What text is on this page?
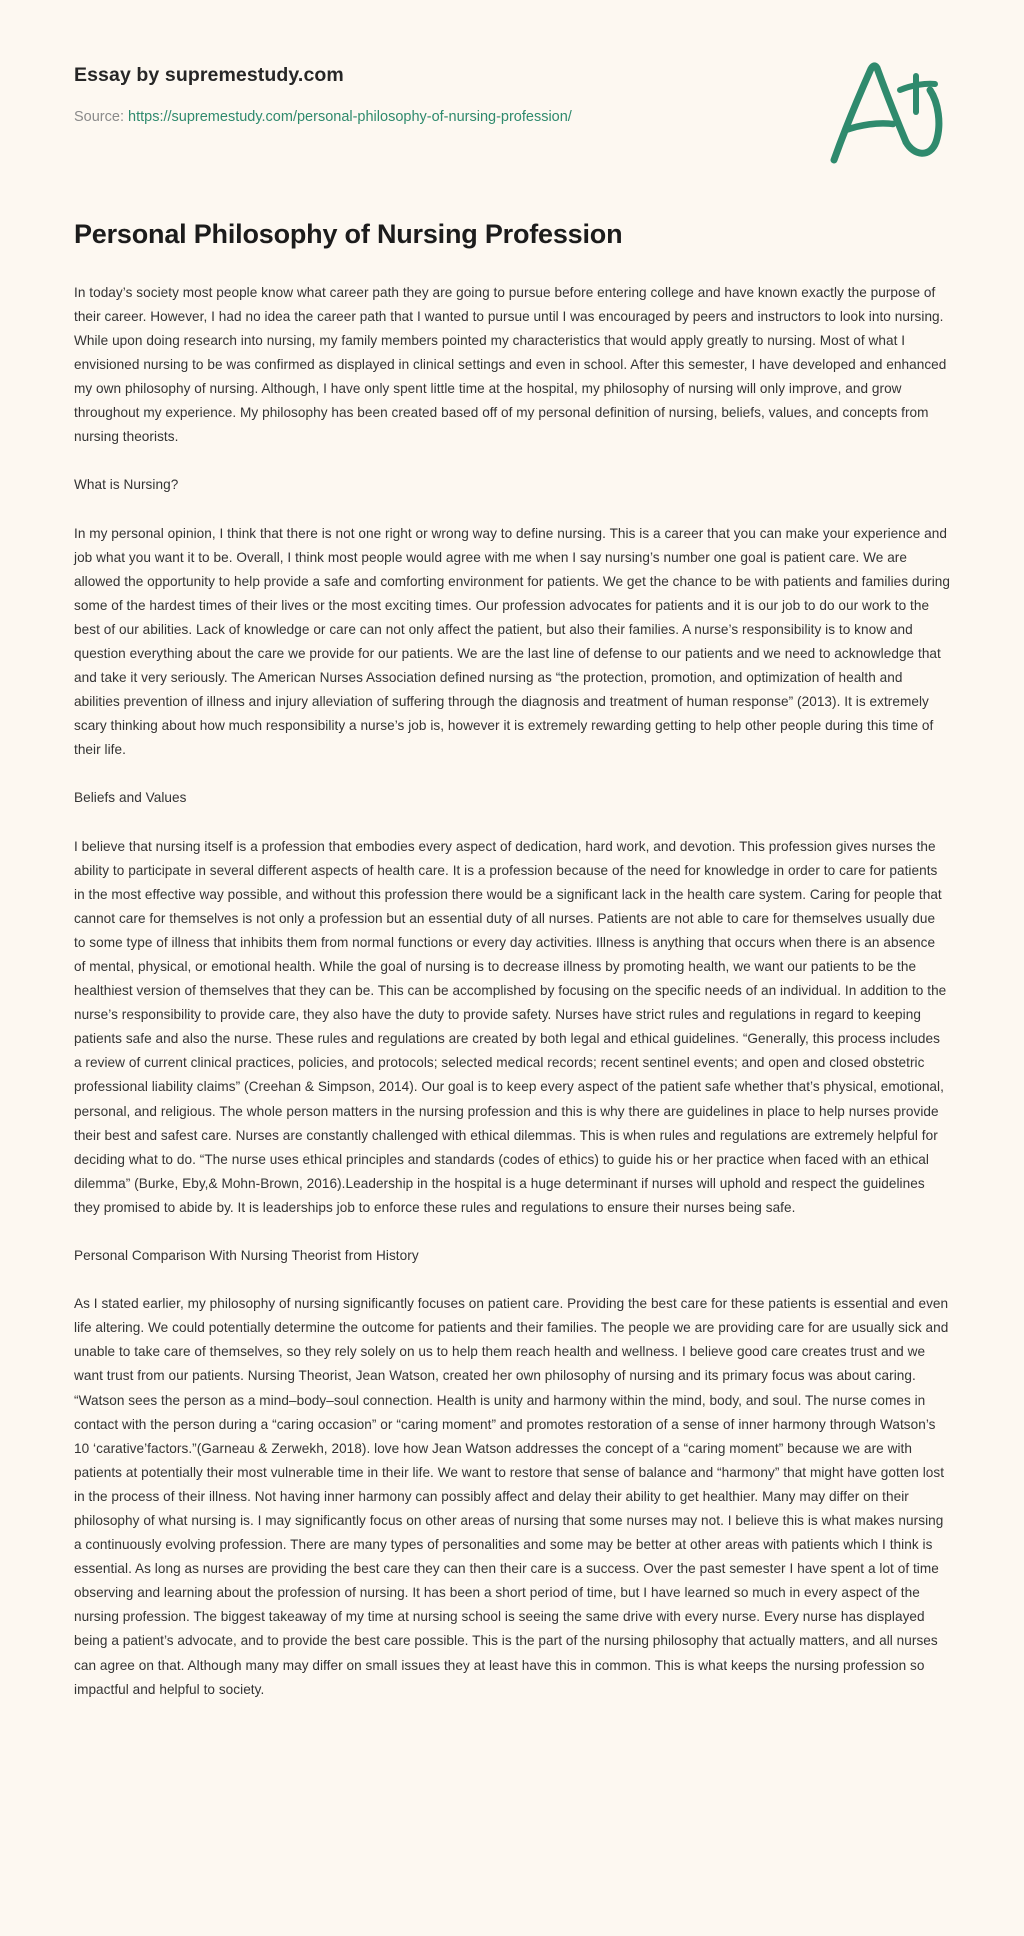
Essay by supremestudy.com
Source: https://supremestudy.com/personal-philosophy-of-nursing-profession/
Personal Philosophy of Nursing Profession

In today’s society most people know what career path they are going to pursue before entering college and have known exactly the purpose of their career. However, I had no idea the career path that I wanted to pursue until I was encouraged by peers and instructors to look into nursing. While upon doing research into nursing, my family members pointed my characteristics that would apply greatly to nursing. Most of what I envisioned nursing to be was confirmed as displayed in clinical settings and even in school. After this semester, I have developed and enhanced my own philosophy of nursing. Although, I have only spent little time at the hospital, my philosophy of nursing will only improve, and grow throughout my experience. My philosophy has been created based off of my personal definition of nursing, beliefs, values, and concepts from nursing theorists.

What is Nursing?

In my personal opinion, I think that there is not one right or wrong way to define nursing. This is a career that you can make your experience and job what you want it to be. Overall, I think most people would agree with me when I say nursing’s number one goal is patient care. We are allowed the opportunity to help provide a safe and comforting environment for patients. We get the chance to be with patients and families during some of the hardest times of their lives or the most exciting times. Our profession advocates for patients and it is our job to do our work to the best of our abilities. Lack of knowledge or care can not only affect the patient, but also their families. A nurse’s responsibility is to know and question everything about the care we provide for our patients. We are the last line of defense to our patients and we need to acknowledge that and take it very seriously. The American Nurses Association defined nursing as “the protection, promotion, and optimization of health and abilities prevention of illness and injury alleviation of suffering through the diagnosis and treatment of human response” (2013). It is extremely scary thinking about how much responsibility a nurse’s job is, however it is extremely rewarding getting to help other people during this time of their life.

Beliefs and Values

I believe that nursing itself is a profession that embodies every aspect of dedication, hard work, and devotion. This profession gives nurses the ability to participate in several different aspects of health care. It is a profession because of the need for knowledge in order to care for patients in the most effective way possible, and without this profession there would be a significant lack in the health care system. Caring for people that cannot care for themselves is not only a profession but an essential duty of all nurses. Patients are not able to care for themselves usually due to some type of illness that inhibits them from normal functions or every day activities. Illness is anything that occurs when there is an absence of mental, physical, or emotional health. While the goal of nursing is to decrease illness by promoting health, we want our patients to be the healthiest version of themselves that they can be. This can be accomplished by focusing on the specific needs of an individual. In addition to the nurse’s responsibility to provide care, they also have the duty to provide safety. Nurses have strict rules and regulations in regard to keeping patients safe and also the nurse. These rules and regulations are created by both legal and ethical guidelines. “Generally, this process includes a review of current clinical practices, policies, and protocols; selected medical records; recent sentinel events; and open and closed obstetric professional liability claims” (Creehan & Simpson, 2014). Our goal is to keep every aspect of the patient safe whether that’s physical, emotional, personal, and religious. The whole person matters in the nursing profession and this is why there are guidelines in place to help nurses provide their best and safest care. Nurses are constantly challenged with ethical dilemmas. This is when rules and regulations are extremely helpful for deciding what to do. “The nurse uses ethical principles and standards (codes of ethics) to guide his or her practice when faced with an ethical dilemma” (Burke, Eby,& Mohn-Brown, 2016).Leadership in the hospital is a huge determinant if nurses will uphold and respect the guidelines they promised to abide by. It is leaderships job to enforce these rules and regulations to ensure their nurses being safe.

Personal Comparison With Nursing Theorist from History

As I stated earlier, my philosophy of nursing significantly focuses on patient care. Providing the best care for these patients is essential and even life altering. We could potentially determine the outcome for patients and their families. The people we are providing care for are usually sick and unable to take care of themselves, so they rely solely on us to help them reach health and wellness. I believe good care creates trust and we want trust from our patients. Nursing Theorist, Jean Watson, created her own philosophy of nursing and its primary focus was about caring. “Watson sees the person as a mind–body–soul connection. Health is unity and harmony within the mind, body, and soul. The nurse comes in contact with the person during a “caring occasion” or “caring moment” and promotes restoration of a sense of inner harmony through Watson’s 10 ‘carative’factors.”(Garneau & Zerwekh, 2018). love how Jean Watson addresses the concept of a “caring moment” because we are with patients at potentially their most vulnerable time in their life. We want to restore that sense of balance and “harmony” that might have gotten lost in the process of their illness. Not having inner harmony can possibly affect and delay their ability to get healthier. Many may differ on their philosophy of what nursing is. I may significantly focus on other areas of nursing that some nurses may not. I believe this is what makes nursing a continuously evolving profession. There are many types of personalities and some may be better at other areas with patients which I think is essential. As long as nurses are providing the best care they can then their care is a success. Over the past semester I have spent a lot of time observing and learning about the profession of nursing. It has been a short period of time, but I have learned so much in every aspect of the nursing profession. The biggest takeaway of my time at nursing school is seeing the same drive with every nurse. Every nurse has displayed being a patient’s advocate, and to provide the best care possible. This is the part of the nursing philosophy that actually matters, and all nurses can agree on that. Although many may differ on small issues they at least have this in common. This is what keeps the nursing profession so impactful and helpful to society.
